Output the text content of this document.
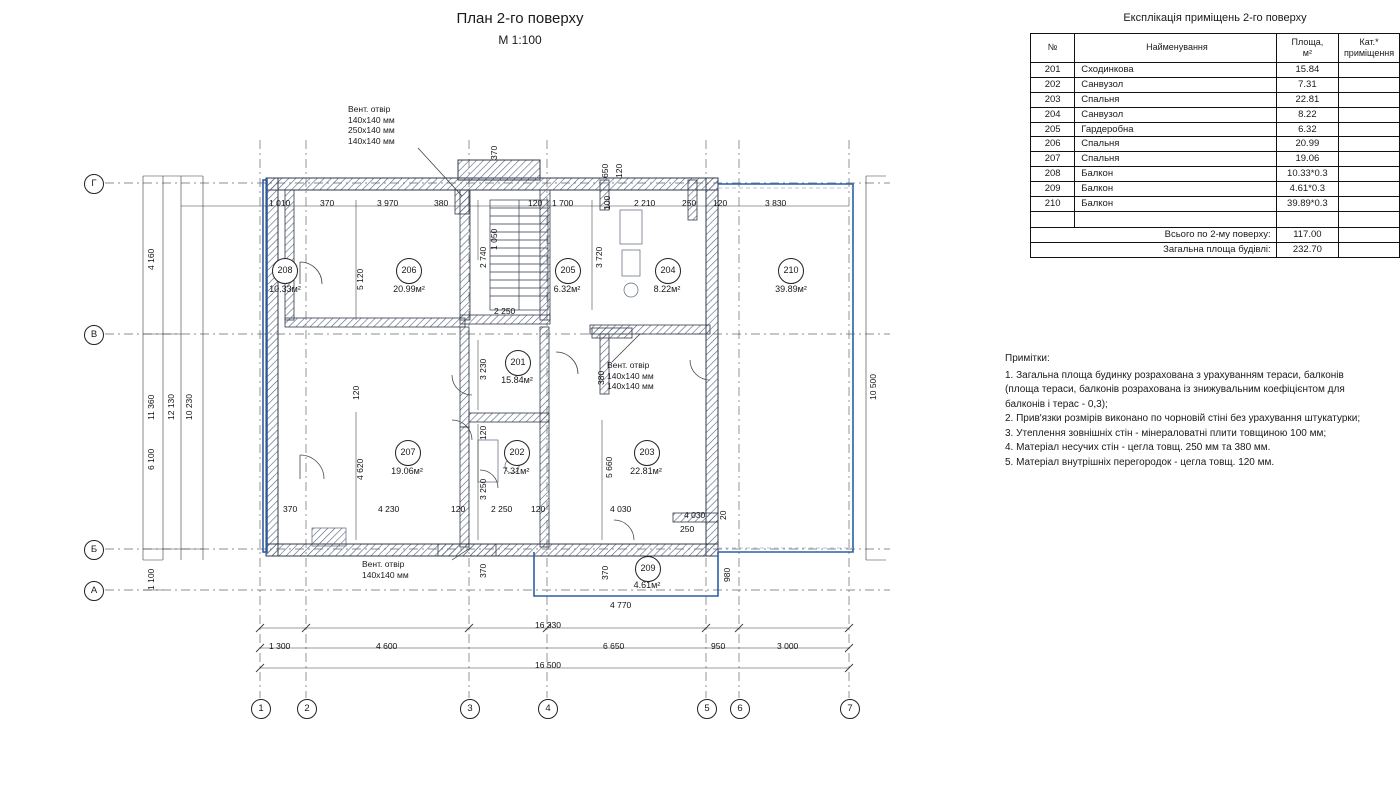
План 2-го поверху
М 1:100
Експлікація приміщень 2-го поверху
Г
В
Б
А
1	2	3	4	5	6	7
208
10.33м²
206
20.99м²
205
6.32м²
204
8.22м²
210
39.89м²
201
15.84м²
207
19.06м²
202
7.31м²
203
22.81м²
209
4.61м²
Вент. отвір
140х140 мм
250х140 мм
140х140 мм
Вент. отвір
140х140 мм
140х140 мм
Вент. отвір
140х140 мм
1 010	370	3 970	380
1 050
120 1 700	100	2 210	250 120	3 830
370
650 120
4 160
5 120
11 360 12 130 10 230
6 100
1 100
4 620
3 720
10 500
380
5 660
980
2 250
2 740
3 230
120
120
3 250
4 030
250
20
370	370
370	4 230	120	2 250 120	4 030
4 770
16 330
1 300	4 600	6 650	950	3 000
16 500
№	Найменування	Площа,
м²	Кат.*
приміщення
201	Сходинкова	15.84	
202	Санвузол	7.31	
203	Спальня	22.81	
204	Санвузол	8.22	
205	Гардеробна	6.32	
206	Спальня	20.99	
207	Спальня	19.06	
208	Балкон	10.33*0.3	
209	Балкон	4.61*0.3	
210	Балкон	39.89*0.3	

Всього по 2-му поверху:		117.00	
Загальна площа будівлі:		232.70	
Примітки:
1. Загальна площа будинку розрахована з урахуванням тераси, балконів
(площа тераси, балконів розрахована із знижувальним коефіцієнтом для
балконів і терас - 0,3);
2. Прив'язки розмірів виконано по чорновій стіні без урахування штукатурки;
3. Утеплення зовнішніх стін - мінераловатні плити товщиною 100 мм;
4. Матеріал несучих стін - цегла товщ. 250 мм та 380 мм.
5. Матеріал внутрішніх перегородок - цегла товщ. 120 мм.
